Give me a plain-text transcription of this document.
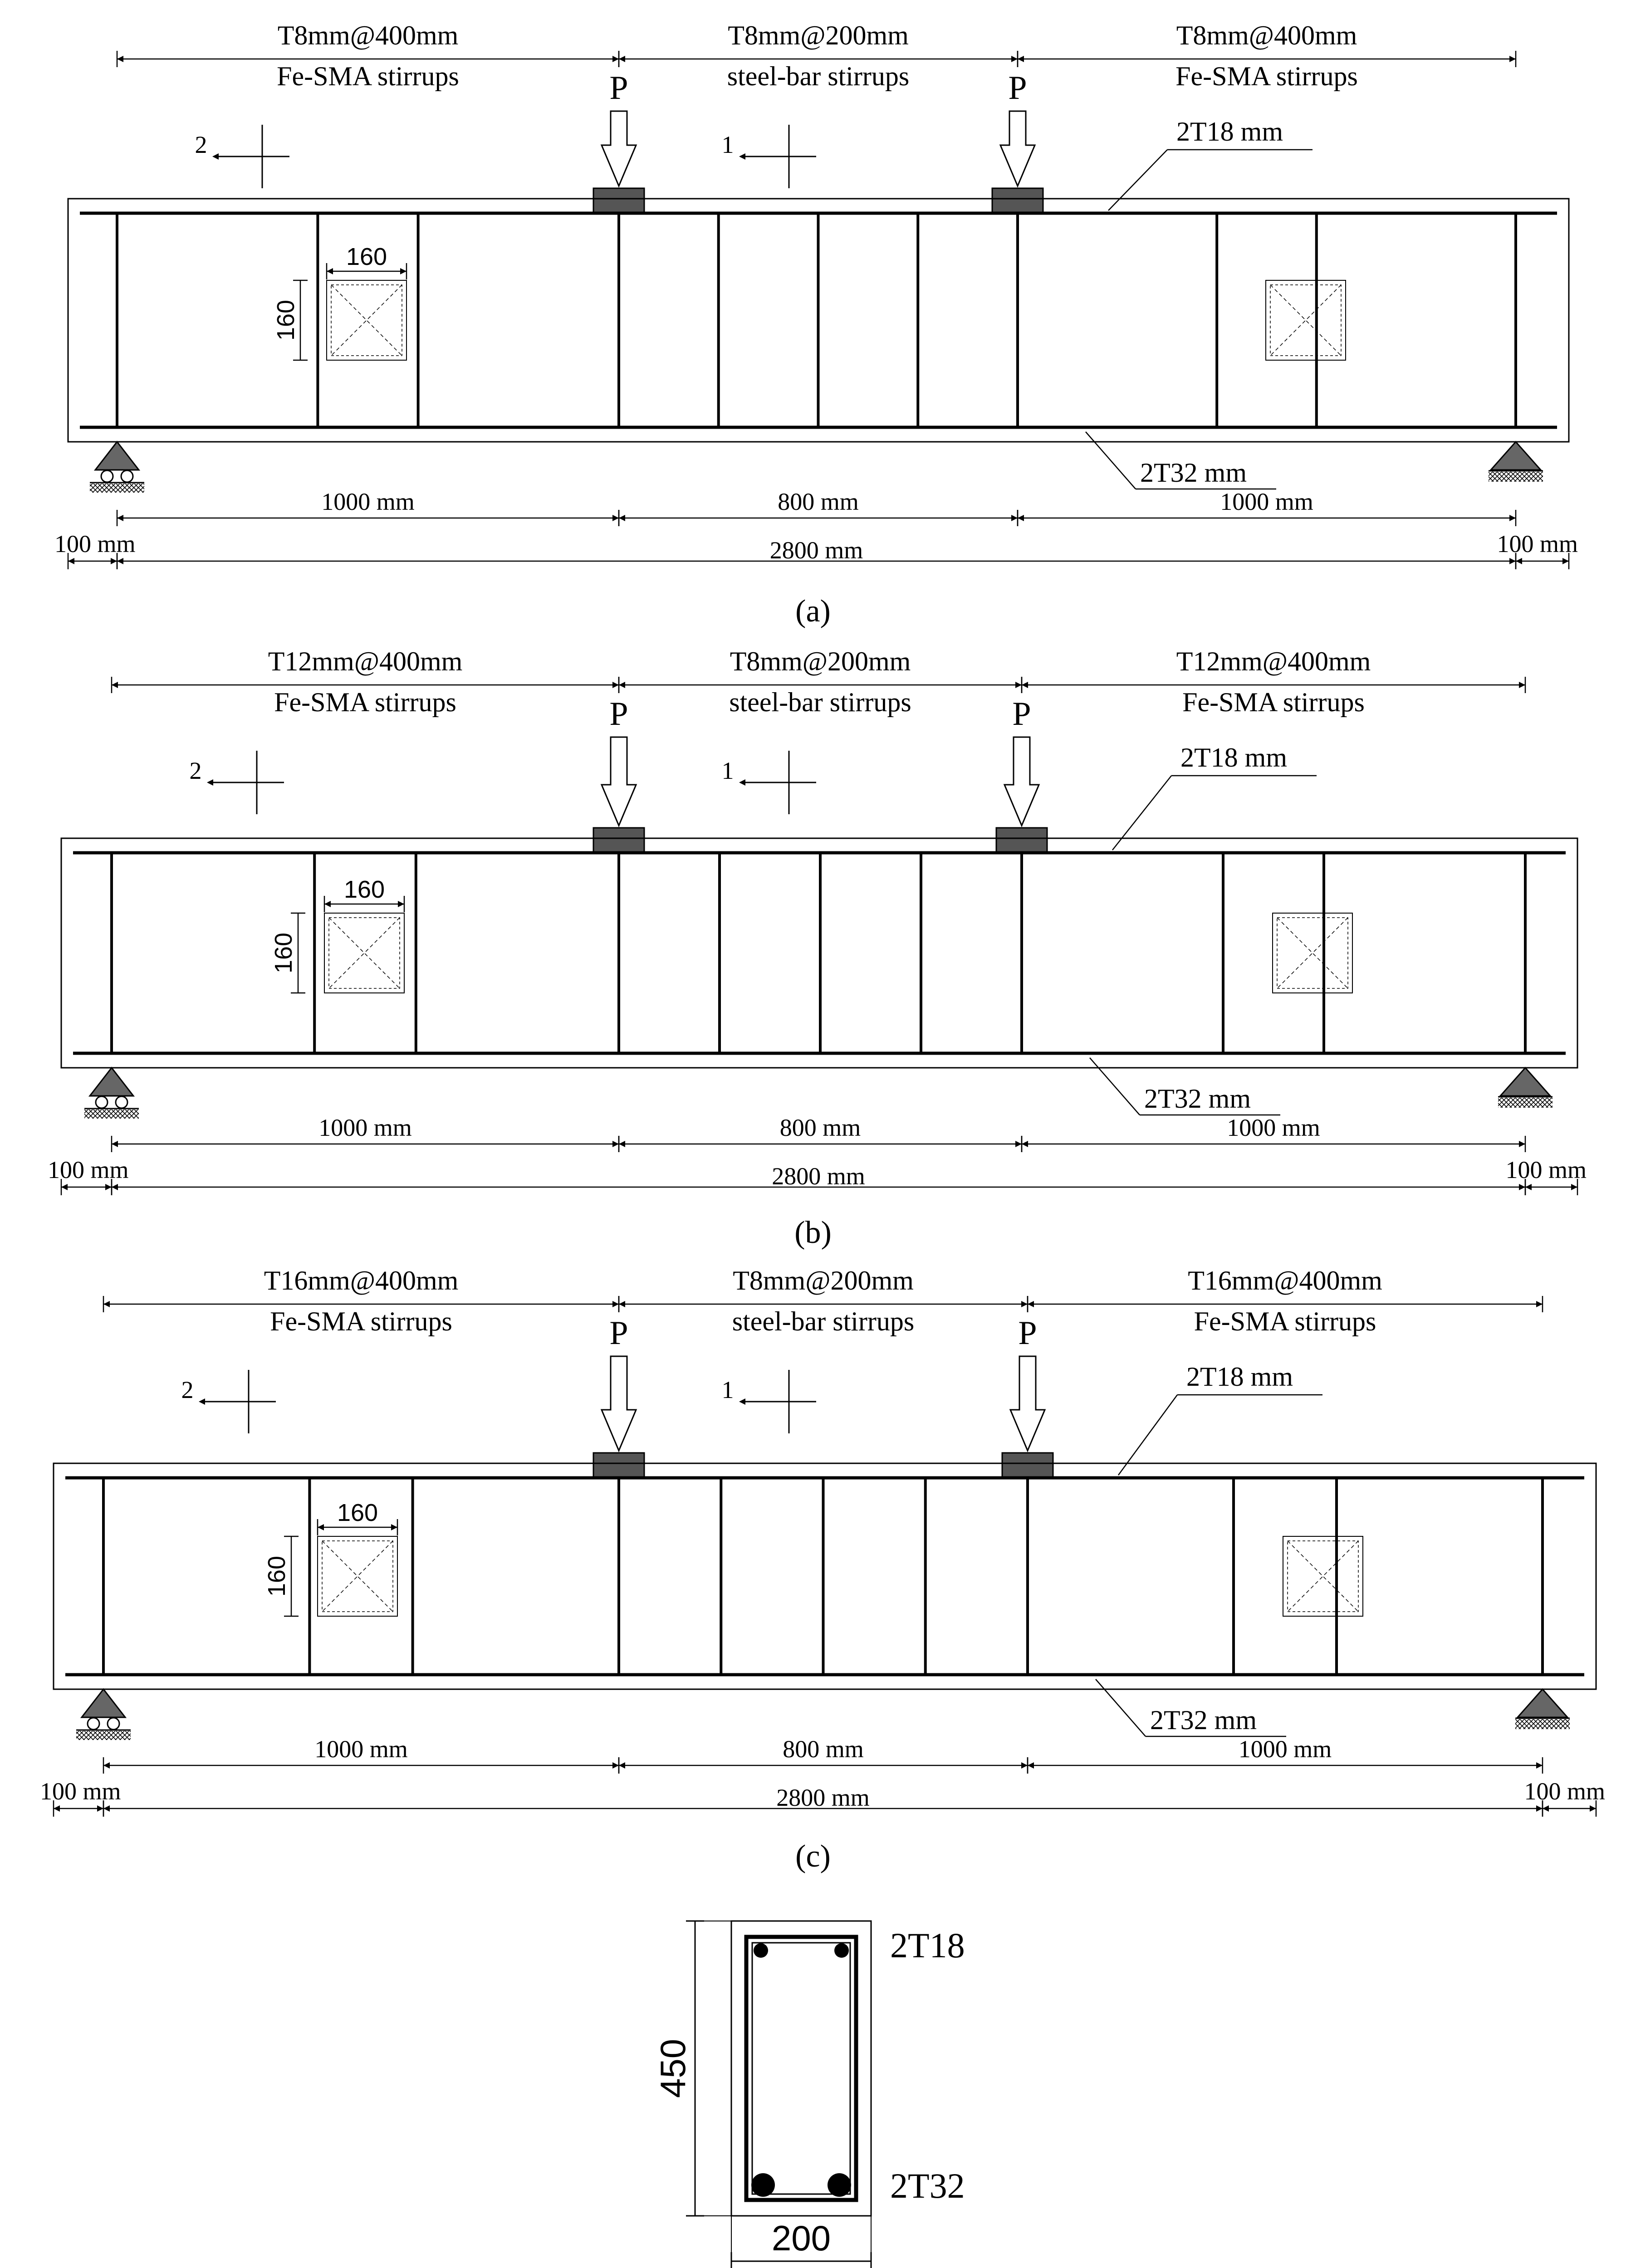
T8mm@400mm	T8mm@200mm	T8mm@400mm
Fe-SMA stirrups	steel-bar stirrups	Fe-SMA stirrups
P	P
2	1	2T18 mm
160
160
2T32 mm
1000 mm	800 mm	1000 mm
2800 mm
100 mm	100 mm
(a)
T12mm@400mm	T8mm@200mm	T12mm@400mm
Fe-SMA stirrups	steel-bar stirrups	Fe-SMA stirrups
P	P
2	1	2T18 mm
160
160
2T32 mm
1000 mm	800 mm	1000 mm
2800 mm
100 mm	100 mm
(b)
T16mm@400mm	T8mm@200mm	T16mm@400mm
Fe-SMA stirrups	steel-bar stirrups	Fe-SMA stirrups
P	P
2	1	2T18 mm
160
160
2T32 mm
1000 mm	800 mm	1000 mm
2800 mm
100 mm	100 mm
(c)
2T18
2T32
450
200
